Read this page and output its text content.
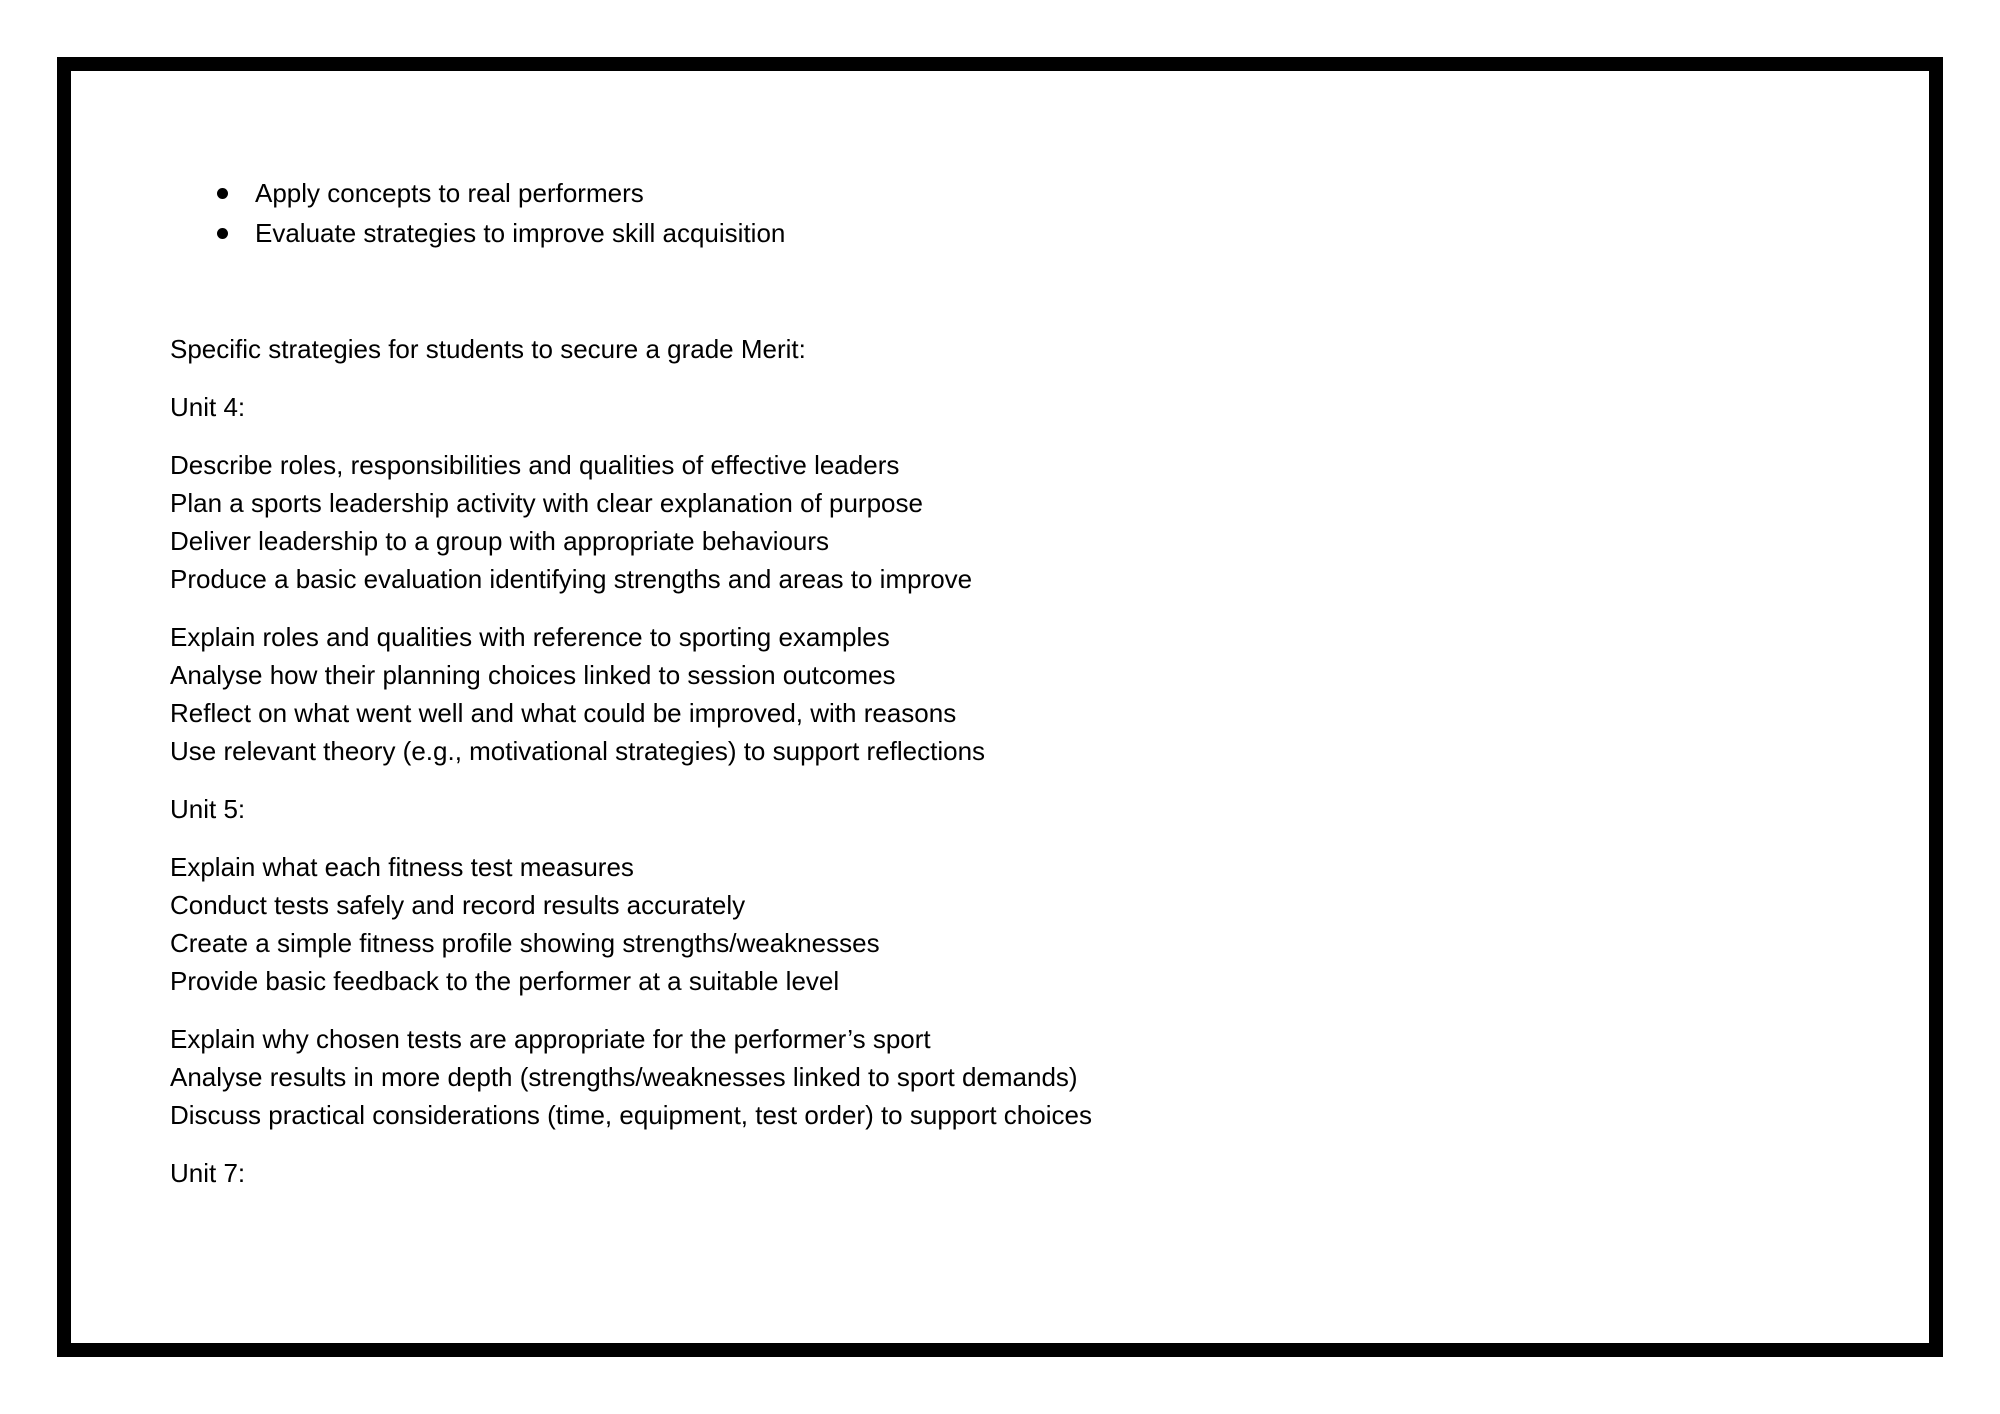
Apply concepts to real performers
Evaluate strategies to improve skill acquisition

Specific strategies for students to secure a grade Merit:

Unit 4:

Describe roles, responsibilities and qualities of effective leaders
Plan a sports leadership activity with clear explanation of purpose
Deliver leadership to a group with appropriate behaviours
Produce a basic evaluation identifying strengths and areas to improve

Explain roles and qualities with reference to sporting examples
Analyse how their planning choices linked to session outcomes
Reflect on what went well and what could be improved, with reasons
Use relevant theory (e.g., motivational strategies) to support reflections

Unit 5:

Explain what each fitness test measures
Conduct tests safely and record results accurately
Create a simple fitness profile showing strengths/weaknesses
Provide basic feedback to the performer at a suitable level

Explain why chosen tests are appropriate for the performer’s sport
Analyse results in more depth (strengths/weaknesses linked to sport demands)
Discuss practical considerations (time, equipment, test order) to support choices

Unit 7:
